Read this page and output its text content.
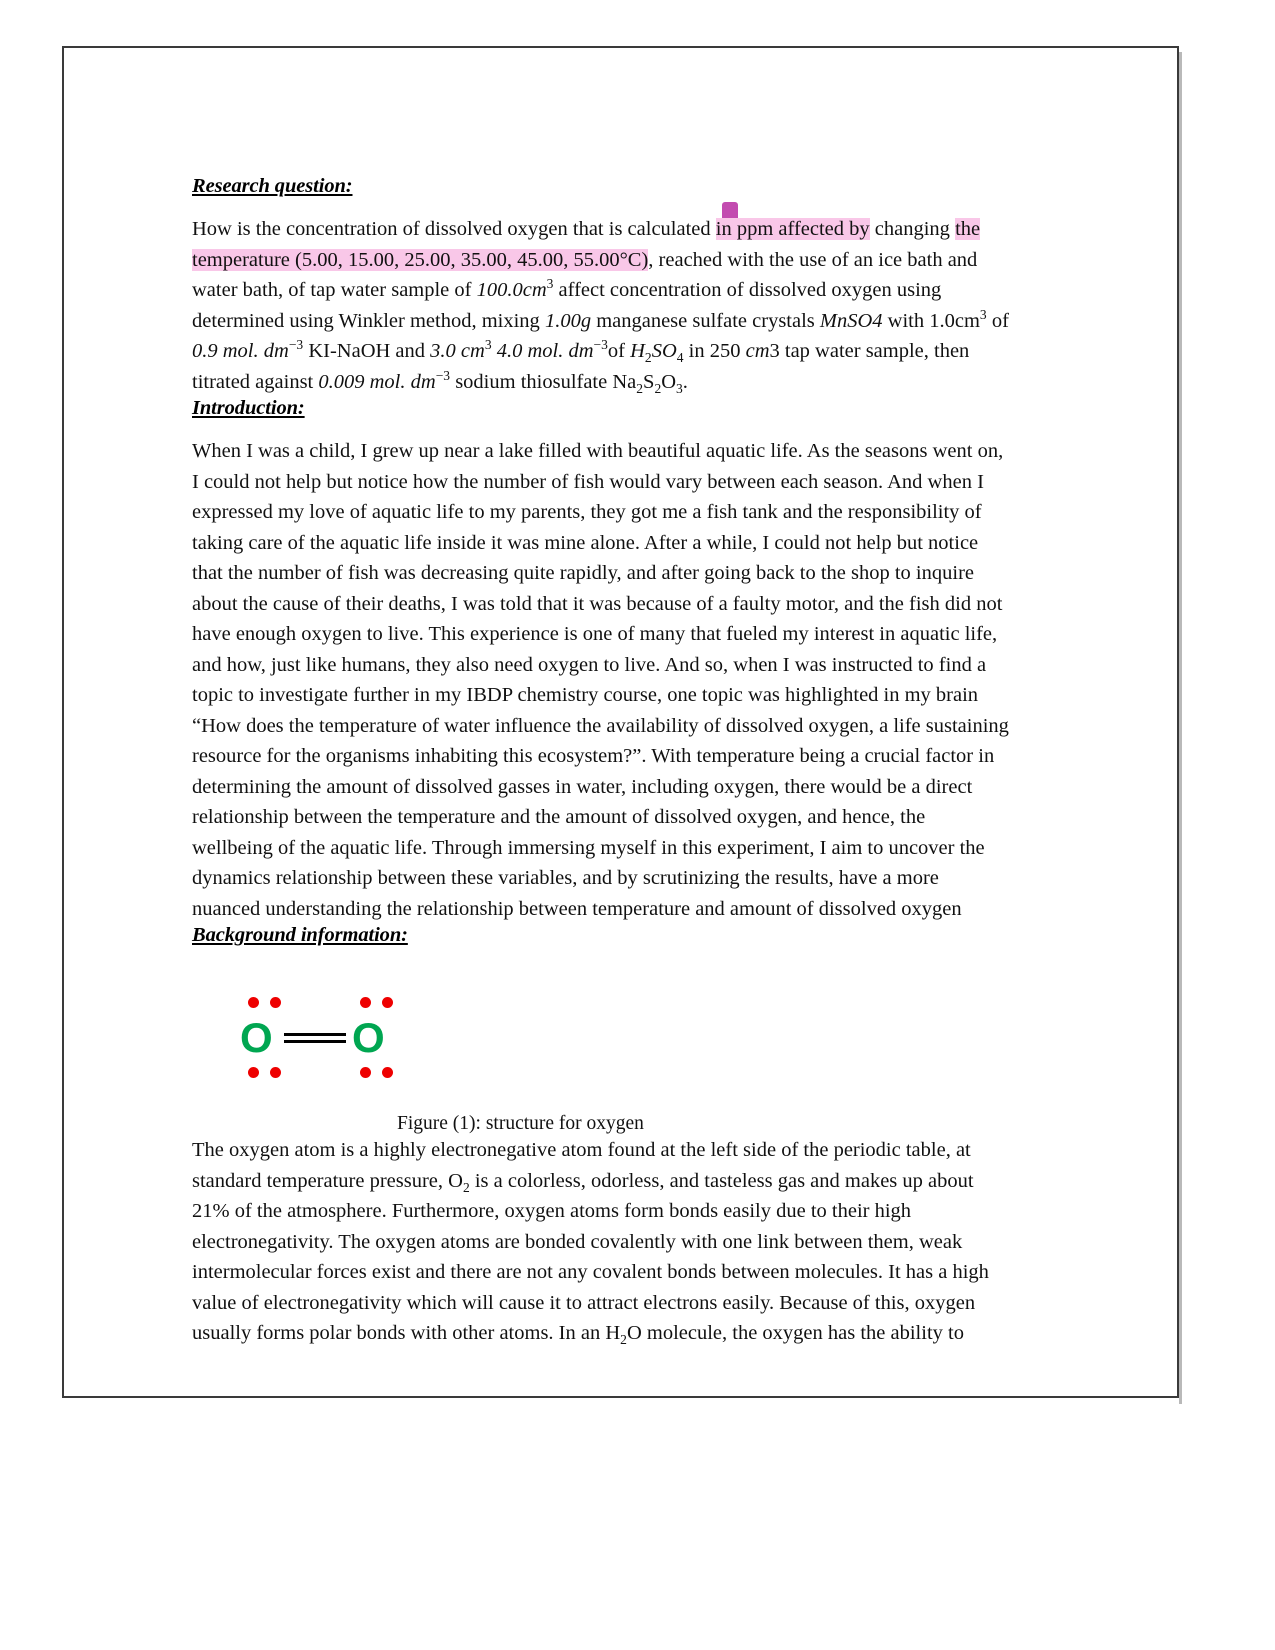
Research question:

How is the concentration of dissolved oxygen that is calculated in ppm affected by changing the temperature (5.00, 15.00, 25.00, 35.00, 45.00, 55.00°C), reached with the use of an ice bath and water bath, of tap water sample of $100.0cm^3$ affect concentration of dissolved oxygen using determined using Winkler method, mixing 1.00g manganese sulfate crystals MnSO4 with $1.0cm^3$ of 0.9 mol. $dm^{-3}$ KI-NaOH and 3.0 $cm^3$ 4.0 mol. $dm^{-3}of$ $H_2SO_4$ in 250 cm3 tap water sample, then titrated against 0.009 mol. $dm^{-3}$ sodium thiosulfate $Na_2S_2O_3$.

Introduction:

When I was a child, I grew up near a lake filled with beautiful aquatic life. As the seasons went on, I could not help but notice how the number of fish would vary between each season. And when I expressed my love of aquatic life to my parents, they got me a fish tank and the responsibility of taking care of the aquatic life inside it was mine alone. After a while, I could not help but notice that the number of fish was decreasing quite rapidly, and after going back to the shop to inquire about the cause of their deaths, I was told that it was because of a faulty motor, and the fish did not have enough oxygen to live. This experience is one of many that fueled my interest in aquatic life, and how, just like humans, they also need oxygen to live. And so, when I was instructed to find a topic to investigate further in my IBDP chemistry course, one topic was highlighted in my brain “How does the temperature of water influence the availability of dissolved oxygen, a life sustaining resource for the organisms inhabiting this ecosystem?”. With temperature being a crucial factor in determining the amount of dissolved gasses in water, including oxygen, there would be a direct relationship between the temperature and the amount of dissolved oxygen, and hence, the wellbeing of the aquatic life. Through immersing myself in this experiment, I aim to uncover the dynamics relationship between these variables, and by scrutinizing the results, have a more nuanced understanding the relationship between temperature and amount of dissolved oxygen

Background information:
O O
Figure (1): structure for oxygen

The oxygen atom is a highly electronegative atom found at the left side of the periodic table, at standard temperature pressure, $O_2$ is a colorless, odorless, and tasteless gas and makes up about 21% of the atmosphere. Furthermore, oxygen atoms form bonds easily due to their high electronegativity. The oxygen atoms are bonded covalently with one link between them, weak intermolecular forces exist and there are not any covalent bonds between molecules. It has a high value of electronegativity which will cause it to attract electrons easily. Because of this, oxygen usually forms polar bonds with other atoms. In an $H_2O$ molecule, the oxygen has the ability to
